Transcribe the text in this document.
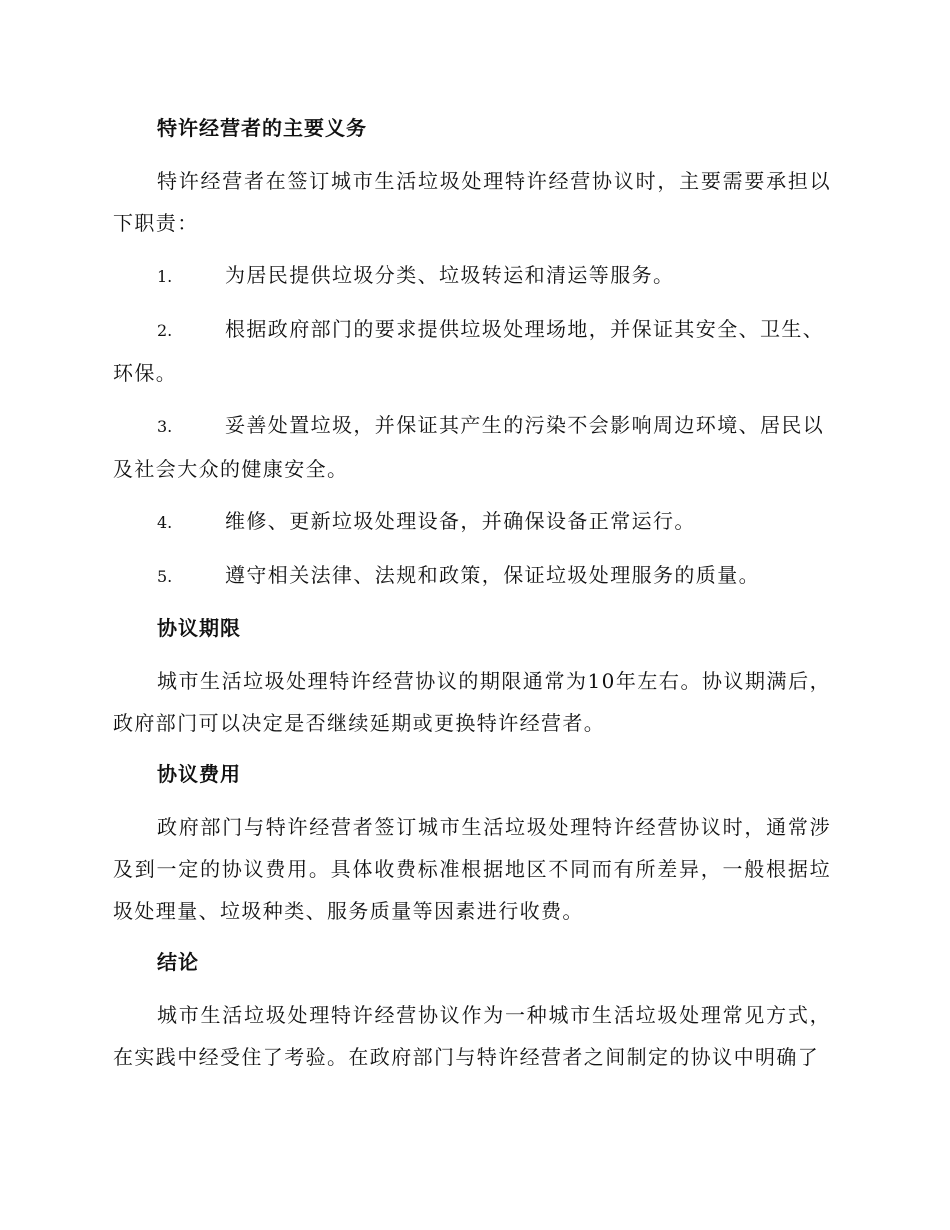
特许经营者的主要义务
特许经营者在签订城市生活垃圾处理特许经营协议时，主要需要承担以下职责：
1.	为居民提供垃圾分类、垃圾转运和清运等服务。
2.	根据政府部门的要求提供垃圾处理场地，并保证其安全、卫生、环保。
3.	妥善处置垃圾，并保证其产生的污染不会影响周边环境、居民以及社会大众的健康安全。
4.	维修、更新垃圾处理设备，并确保设备正常运行。
5.	遵守相关法律、法规和政策，保证垃圾处理服务的质量。
协议期限
城市生活垃圾处理特许经营协议的期限通常为10年左右。协议期满后，政府部门可以决定是否继续延期或更换特许经营者。
协议费用
政府部门与特许经营者签订城市生活垃圾处理特许经营协议时，通常涉及到一定的协议费用。具体收费标准根据地区不同而有所差异，一般根据垃圾处理量、垃圾种类、服务质量等因素进行收费。
结论
城市生活垃圾处理特许经营协议作为一种城市生活垃圾处理常见方式，在实践中经受住了考验。在政府部门与特许经营者之间制定的协议中明确了
